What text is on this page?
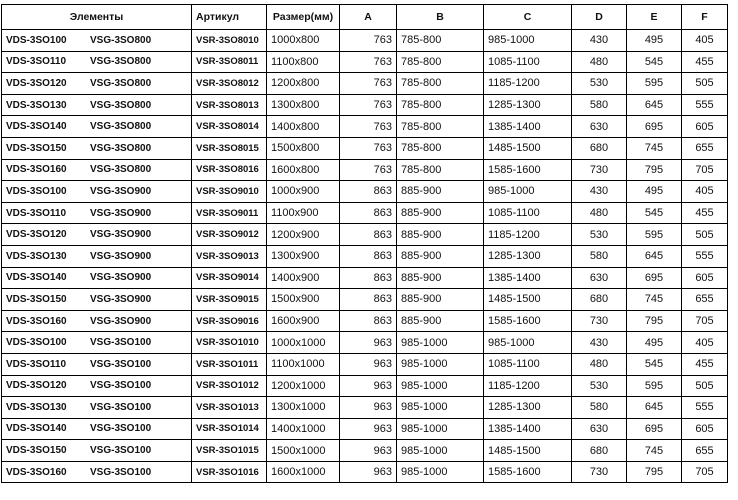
Элементы	Артикул	Размер(мм)	A	B	C	D	E	F

VDS-3SO100 VSG-3SO800	VSR-3SO8010	1000x800	763	785-800	985-1000	430	495	405

VDS-3SO110 VSG-3SO800	VSR-3SO8011	1100x800	763	785-800	1085-1100	480	545	455

VDS-3SO120 VSG-3SO800	VSR-3SO8012	1200x800	763	785-800	1185-1200	530	595	505

VDS-3SO130 VSG-3SO800	VSR-3SO8013	1300x800	763	785-800	1285-1300	580	645	555

VDS-3SO140 VSG-3SO800	VSR-3SO8014	1400x800	763	785-800	1385-1400	630	695	605

VDS-3SO150 VSG-3SO800	VSR-3SO8015	1500x800	763	785-800	1485-1500	680	745	655

VDS-3SO160 VSG-3SO800	VSR-3SO8016	1600x800	763	785-800	1585-1600	730	795	705

VDS-3SO100 VSG-3SO900	VSR-3SO9010	1000x900	863	885-900	985-1000	430	495	405

VDS-3SO110 VSG-3SO900	VSR-3SO9011	1100x900	863	885-900	1085-1100	480	545	455

VDS-3SO120 VSG-3SO900	VSR-3SO9012	1200x900	863	885-900	1185-1200	530	595	505

VDS-3SO130 VSG-3SO900	VSR-3SO9013	1300x900	863	885-900	1285-1300	580	645	555

VDS-3SO140 VSG-3SO900	VSR-3SO9014	1400x900	863	885-900	1385-1400	630	695	605

VDS-3SO150 VSG-3SO900	VSR-3SO9015	1500x900	863	885-900	1485-1500	680	745	655

VDS-3SO160 VSG-3SO900	VSR-3SO9016	1600x900	863	885-900	1585-1600	730	795	705

VDS-3SO100 VSG-3SO100	VSR-3SO1010	1000x1000	963	985-1000	985-1000	430	495	405

VDS-3SO110 VSG-3SO100	VSR-3SO1011	1100x1000	963	985-1000	1085-1100	480	545	455

VDS-3SO120 VSG-3SO100	VSR-3SO1012	1200x1000	963	985-1000	1185-1200	530	595	505

VDS-3SO130 VSG-3SO100	VSR-3SO1013	1300x1000	963	985-1000	1285-1300	580	645	555

VDS-3SO140 VSG-3SO100	VSR-3SO1014	1400x1000	963	985-1000	1385-1400	630	695	605

VDS-3SO150 VSG-3SO100	VSR-3SO1015	1500x1000	963	985-1000	1485-1500	680	745	655

VDS-3SO160 VSG-3SO100	VSR-3SO1016	1600x1000	963	985-1000	1585-1600	730	795	705
